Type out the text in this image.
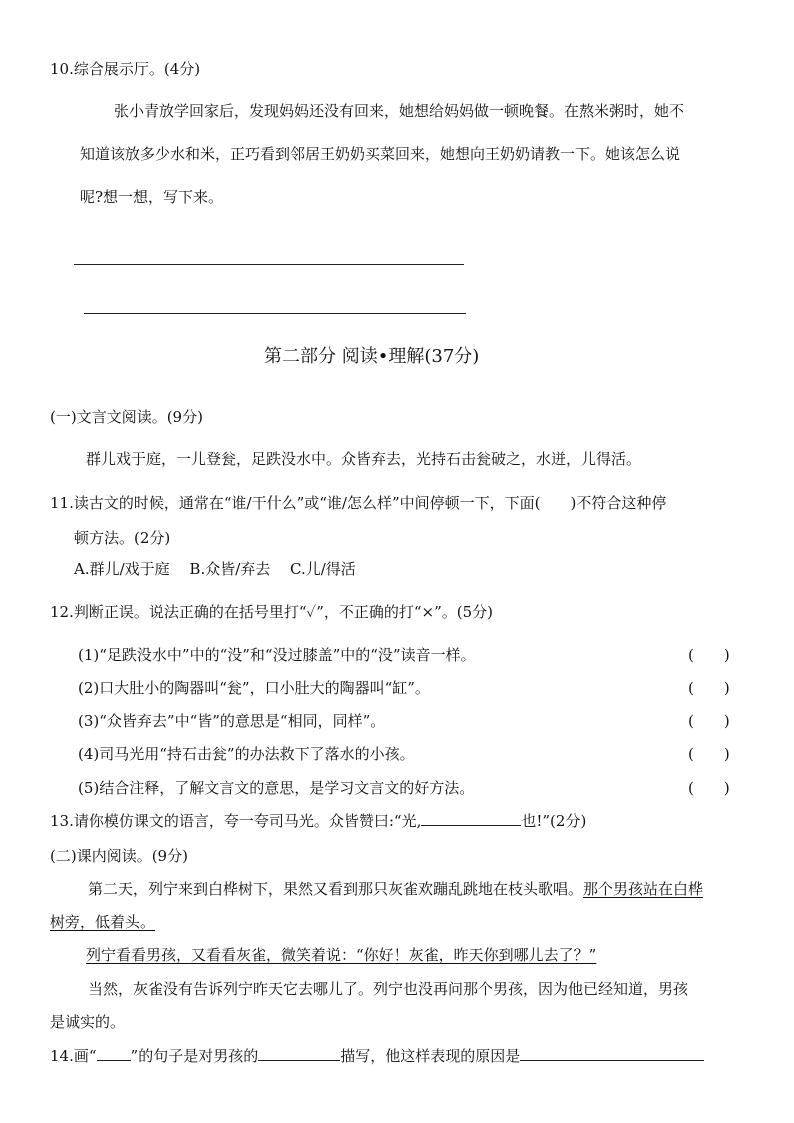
10.综合展示厅。(4分)
张小青放学回家后，发现妈妈还没有回来，她想给妈妈做一顿晚餐。在熬米粥时，她不
知道该放多少水和米，正巧看到邻居王奶奶买菜回来，她想向王奶奶请教一下。她该怎么说
呢?想一想，写下来。
第二部分 阅读•理解(37分)
(一)文言文阅读。(9分)
群儿戏于庭，一儿登瓮，足跌没水中。众皆弃去，光持石击瓮破之，水迸，儿得活。
11.读古文的时候，通常在“谁/干什么”或“谁/怎么样”中间停顿一下，下面(　　)不符合这种停
顿方法。(2分)
A.群儿/戏于庭　 B.众皆/弃去　 C.儿/得活
12.判断正误。说法正确的在括号里打“✓”，不正确的打“×”。(5分)
(1)“足跌没水中”中的“没”和“没过膝盖”中的“没”读音一样。	(　　)
(2)口大肚小的陶器叫“瓮”，口小肚大的陶器叫“缸”。	(　　)
(3)“众皆弃去”中“皆”的意思是“相同，同样”。	(　　)
(4)司马光用“持石击瓮”的办法救下了落水的小孩。	(　　)
(5)结合注释，了解文言文的意思，是学习文言文的好方法。	(　　)
13.请你模仿课文的语言，夸一夸司马光。众皆赞曰:“光,	也!”(2分)
(二)课内阅读。(9分)
第二天，列宁来到白桦树下，果然又看到那只灰雀欢蹦乱跳地在枝头歌唱。那个男孩站在白桦
树旁，低着头。
列宁看看男孩，又看看灰雀，微笑着说：“你好！灰雀，昨天你到哪儿去了？”
当然，灰雀没有告诉列宁昨天它去哪儿了。列宁也没再问那个男孩，因为他已经知道，男孩
是诚实的。
14.画“ ”的句子是对男孩的	描写，他这样表现的原因是
